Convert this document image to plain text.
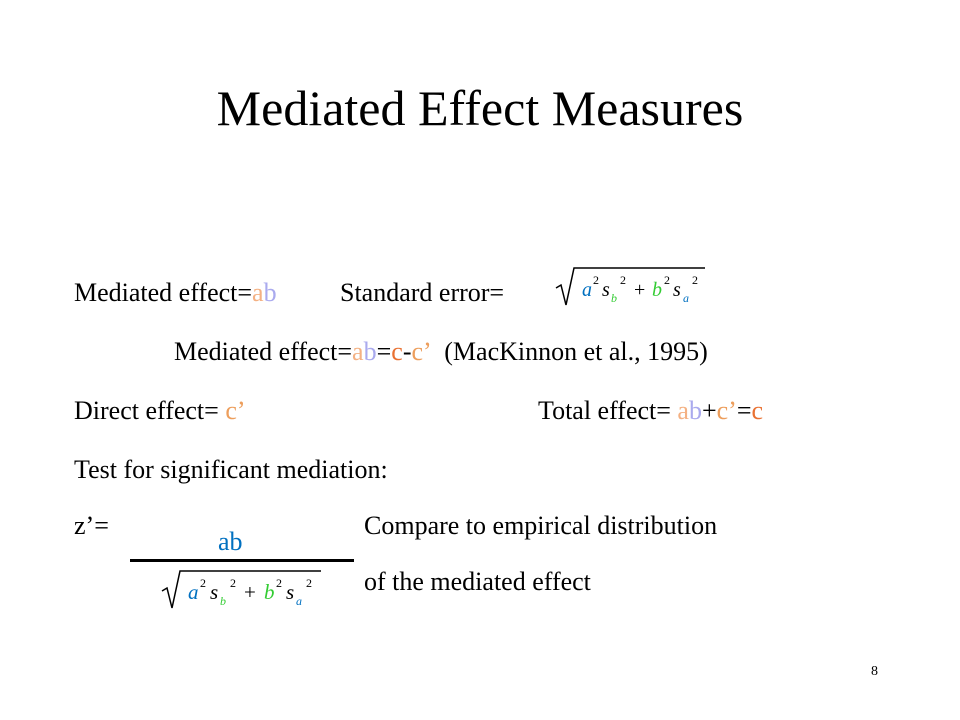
Mediated Effect Measures
Mediated effect=ab Standard error=	a 2 s b
2 + b 2 s a
2
Mediated effect=ab=c-c’ (MacKinnon et al., 1995)
Direct effect= c’	Total effect= ab+c’=c
Test for significant mediation:
z’=	Compare to empirical distribution
of the mediated effect
ab
a 2 s b
2 + b 2 s a
2
8
